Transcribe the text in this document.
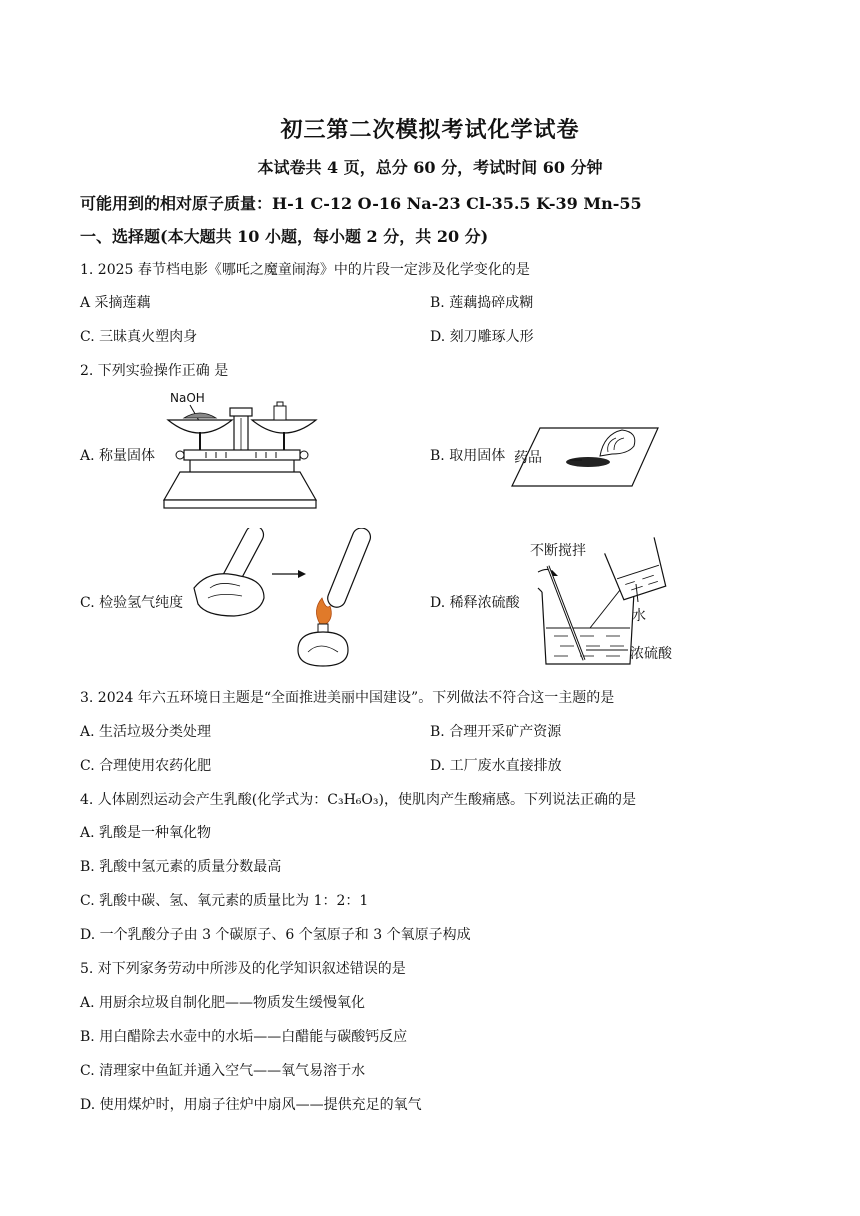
初三第二次模拟考试化学试卷
本试卷共 4 页，总分 60 分，考试时间 60 分钟
可能用到的相对原子质量：H-1 C-12 O-16 Na-23 Cl-35.5 K-39 Mn-55
一、选择题(本大题共 10 小题，每小题 2 分，共 20 分)
1. 2025 春节档电影《哪吒之魔童闹海》中的片段一定涉及化学变化的是
A 采摘莲藕	B. 莲藕捣碎成糊
C. 三昧真火塑肉身	D. 刻刀雕琢人形
2. 下列实验操作正确 是
A. 称量固体	B. 取用固体
C. 检验氢气纯度	D. 稀释浓硫酸
NaOH
药品
不断搅拌
水
浓硫酸
3. 2024 年六五环境日主题是“全面推进美丽中国建设”。下列做法不符合这一主题的是
A. 生活垃圾分类处理	B. 合理开采矿产资源
C. 合理使用农药化肥	D. 工厂废水直接排放
4. 人体剧烈运动会产生乳酸(化学式为：C₃H₆O₃)，使肌肉产生酸痛感。下列说法正确的是
A. 乳酸是一种氧化物
B. 乳酸中氢元素的质量分数最高
C. 乳酸中碳、氢、氧元素的质量比为 1：2：1
D. 一个乳酸分子由 3 个碳原子、6 个氢原子和 3 个氧原子构成
5. 对下列家务劳动中所涉及的化学知识叙述错误的是
A. 用厨余垃圾自制化肥——物质发生缓慢氧化
B. 用白醋除去水壶中的水垢——白醋能与碳酸钙反应
C. 清理家中鱼缸并通入空气——氧气易溶于水
D. 使用煤炉时，用扇子往炉中扇风——提供充足的氧气
